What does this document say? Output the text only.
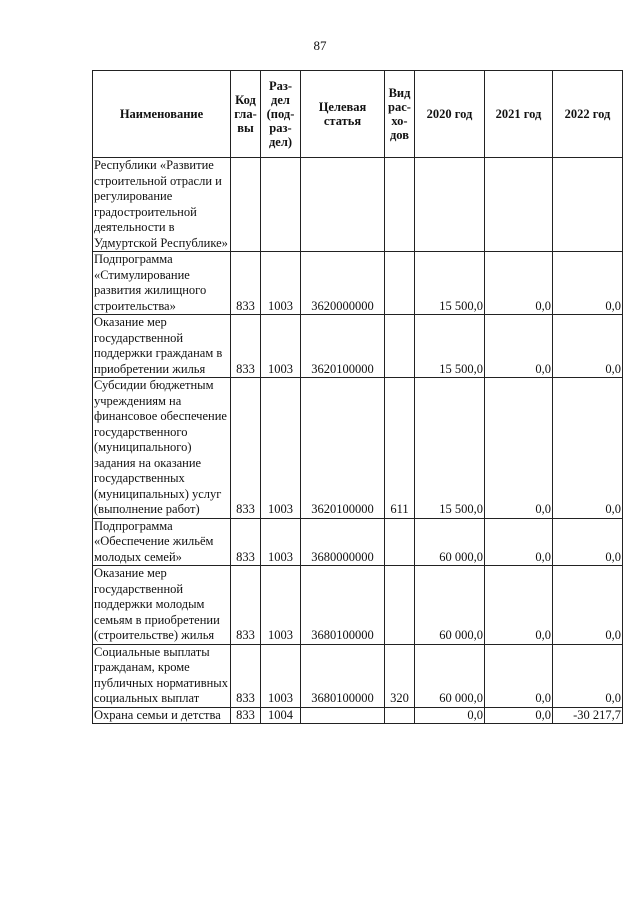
87
Наименование	Код гла-вы	Раз-дел (под-раз-дел)	Целевая статья	Вид рас-хо-дов	2020 год	2021 год	2022 год
Республики «Развитие строительной отрасли и регулирование градостроительной деятельности в Удмуртской Республике»							
Подпрограмма «Стимулирование развития жилищного строительства»	833	1003	3620000000		15 500,0	0,0	0,0
Оказание мер государственной поддержки гражданам в приобретении жилья	833	1003	3620100000		15 500,0	0,0	0,0
Субсидии бюджетным учреждениям на финансовое обеспечение государственного (муниципального) задания на оказание государственных (муниципальных) услуг (выполнение работ)	833	1003	3620100000	611	15 500,0	0,0	0,0
Подпрограмма «Обеспечение жильём молодых семей»	833	1003	3680000000		60 000,0	0,0	0,0
Оказание мер государственной поддержки молодым семьям в приобретении (строительстве) жилья	833	1003	3680100000		60 000,0	0,0	0,0
Социальные выплаты гражданам, кроме публичных нормативных социальных выплат	833	1003	3680100000	320	60 000,0	0,0	0,0
Охрана семьи и детства	833	1004			0,0	0,0	-30 217,7
